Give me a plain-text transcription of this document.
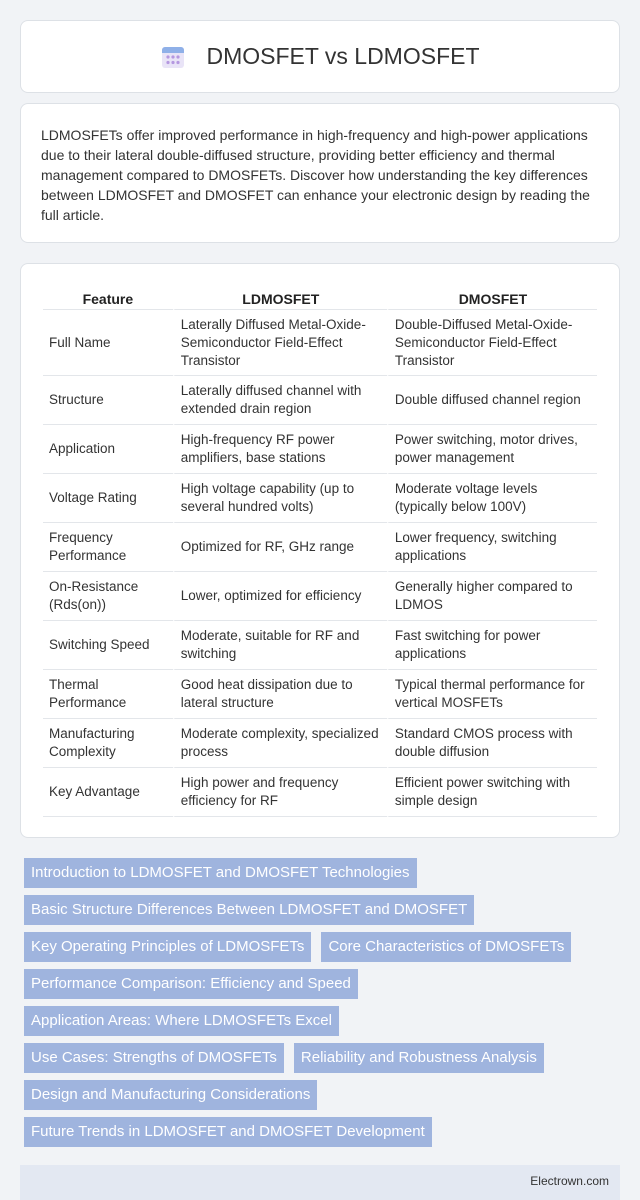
DMOSFET vs LDMOSFET

LDMOSFETs offer improved performance in high-frequency and high-power applications due to their lateral double-diffused structure, providing better efficiency and thermal management compared to DMOSFETs. Discover how understanding the key differences between LDMOSFET and DMOSFET can enhance your electronic design by reading the full article.

Feature	LDMOSFET	DMOSFET
Full Name	Laterally Diffused Metal-Oxide-Semiconductor Field-Effect Transistor	Double-Diffused Metal-Oxide-Semiconductor Field-Effect Transistor
Structure	Laterally diffused channel with extended drain region	Double diffused channel region
Application	High-frequency RF power amplifiers, base stations	Power switching, motor drives, power management
Voltage Rating	High voltage capability (up to several hundred volts)	Moderate voltage levels (typically below 100V)
Frequency Performance	Optimized for RF, GHz range	Lower frequency, switching applications
On-Resistance (Rds(on))	Lower, optimized for efficiency	Generally higher compared to LDMOS
Switching Speed	Moderate, suitable for RF and switching	Fast switching for power applications
Thermal Performance	Good heat dissipation due to lateral structure	Typical thermal performance for vertical MOSFETs
Manufacturing Complexity	Moderate complexity, specialized process	Standard CMOS process with double diffusion
Key Advantage	High power and frequency efficiency for RF	Efficient power switching with simple design
Introduction to LDMOSFET and DMOSFET Technologies
Basic Structure Differences Between LDMOSFET and DMOSFET
Key Operating Principles of LDMOSFETs	Core Characteristics of DMOSFETs
Performance Comparison: Efficiency and Speed
Application Areas: Where LDMOSFETs Excel
Use Cases: Strengths of DMOSFETs	Reliability and Robustness Analysis
Design and Manufacturing Considerations
Future Trends in LDMOSFET and DMOSFET Development
Electrown.com
